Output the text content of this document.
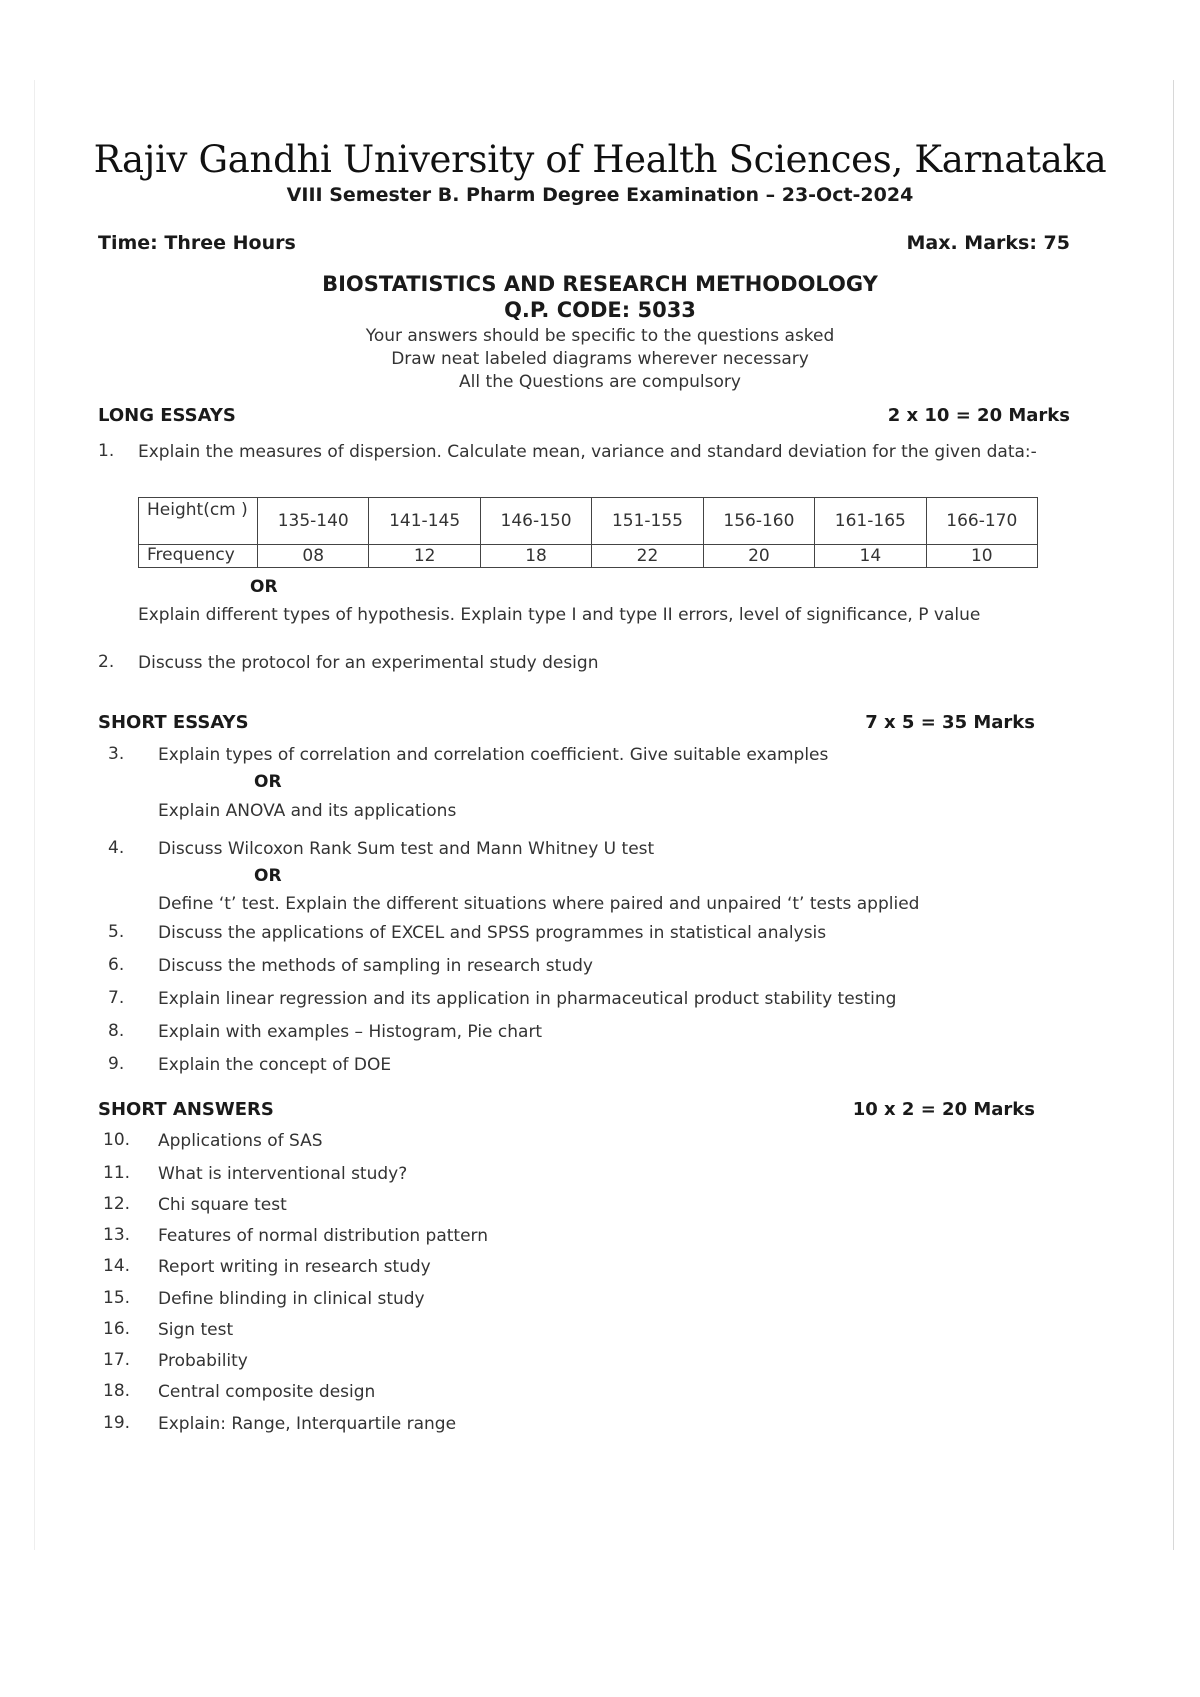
Rajiv Gandhi University of Health Sciences, Karnataka
VIII Semester B. Pharm Degree Examination – 23-Oct-2024
Time: Three Hours	Max. Marks: 75
BIOSTATISTICS AND RESEARCH METHODOLOGY
Q.P. CODE: 5033
Your answers should be specific to the questions asked
Draw neat labeled diagrams wherever necessary
All the Questions are compulsory
LONG ESSAYS	2 x 10 = 20 Marks
1. Explain the measures of dispersion. Calculate mean, variance and standard deviation for the given data:-
Height(cm )	135-140	141-145	146-150	151-155	156-160	161-165	166-170
Frequency	08	12	18	22	20	14	10
OR
Explain different types of hypothesis. Explain type I and type II errors, level of significance, P value
2. Discuss the protocol for an experimental study design
SHORT ESSAYS	7 x 5 = 35 Marks
3. Explain types of correlation and correlation coefficient. Give suitable examples
OR
Explain ANOVA and its applications
4. Discuss Wilcoxon Rank Sum test and Mann Whitney U test
OR
Define ‘t’ test. Explain the different situations where paired and unpaired ‘t’ tests applied
5. Discuss the applications of EXCEL and SPSS programmes in statistical analysis
6. Discuss the methods of sampling in research study
7. Explain linear regression and its application in pharmaceutical product stability testing
8. Explain with examples – Histogram, Pie chart
9. Explain the concept of DOE
SHORT ANSWERS	10 x 2 = 20 Marks
10. Applications of SAS
11. What is interventional study?
12. Chi square test
13. Features of normal distribution pattern
14. Report writing in research study
15. Define blinding in clinical study
16. Sign test
17. Probability
18. Central composite design
19. Explain: Range, Interquartile range
